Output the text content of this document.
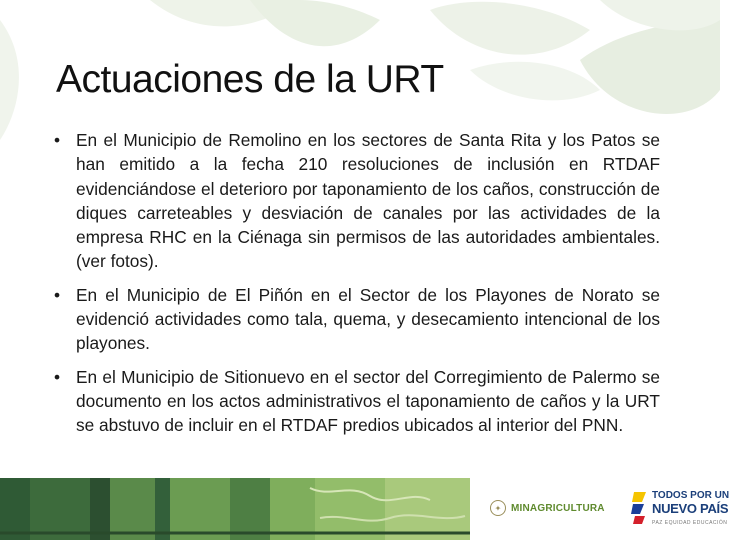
Actuaciones de la URT
• En el Municipio de Remolino en los sectores de Santa Rita y los Patos se han emitido a la fecha 210 resoluciones de inclusión en RTDAF evidenciándose el deterioro por taponamiento de los caños, construcción de diques carreteables y desviación de canales por las actividades de la empresa RHC en la Ciénaga sin permisos de las autoridades ambientales. (ver fotos).
• En el Municipio de El Piñón en el Sector de los Playones de Norato se evidenció actividades como tala, quema, y desecamiento intencional de los playones.
• En el Municipio de Sitionuevo en el sector del Corregimiento de Palermo se documento en los actos administrativos el taponamiento de caños y la URT se abstuvo de incluir en el RTDAF predios ubicados al interior del PNN.
✦ MINAGRICULTURA
TODOS POR UN
NUEVO PAÍS
PAZ EQUIDAD EDUCACIÓN
